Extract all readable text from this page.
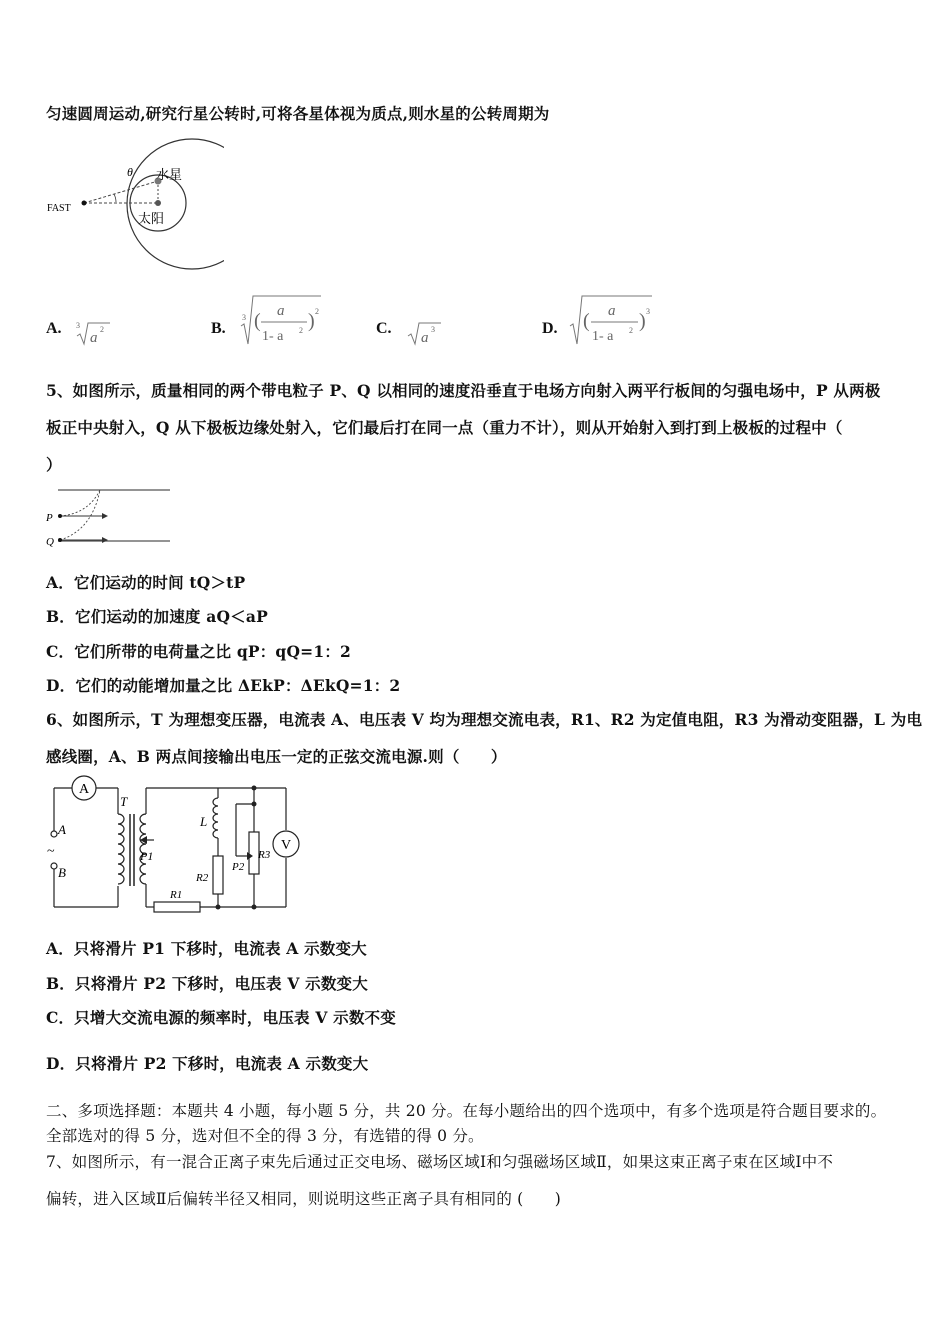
匀速圆周运动,研究行星公转时,可将各星体视为质点,则水星的公转周期为
FAST
θ 水星
太阳
A. 3
a
2	B.
3 ( a
1- a 2 ) 2
C.
a
3	D. ( a
1- a 2 ) 3
5、如图所示，质量相同的两个带电粒子 P、Q 以相同的速度沿垂直于电场方向射入两平行板间的匀强电场中，P 从两极
板正中央射入，Q 从下极板边缘处射入，它们最后打在同一点（重力不计），则从开始射入到打到上极板的过程中（
）
P
Q
A．它们运动的时间 tQ＞tP
B．它们运动的加速度 aQ＜aP
C．它们所带的电荷量之比 qP：qQ=1：2
D．它们的动能增加量之比 ΔEkP：ΔEkQ=1：2
6、如图所示，T 为理想变压器，电流表 A、电压表 V 均为理想交流电表，R1、R2 为定值电阻，R3 为滑动变阻器，L 为电
感线圈，A、B 两点间接输出电压一定的正弦交流电源.则（　　）
A
V
T
A
B
~	P1
L
R1
R2
R3
P2
A．只将滑片 P1 下移时，电流表 A 示数变大
B．只将滑片 P2 下移时，电压表 V 示数变大
C．只增大交流电源的频率时，电压表 V 示数不变
D．只将滑片 P2 下移时，电流表 A 示数变大
二、多项选择题：本题共 4 小题，每小题 5 分，共 20 分。在每小题给出的四个选项中，有多个选项是符合题目要求的。
全部选对的得 5 分，选对但不全的得 3 分，有选错的得 0 分。
7、如图所示，有一混合正离子束先后通过正交电场、磁场区域Ⅰ和匀强磁场区域Ⅱ，如果这束正离子束在区域Ⅰ中不
偏转，进入区域Ⅱ后偏转半径又相同，则说明这些正离子具有相同的 (　　)
